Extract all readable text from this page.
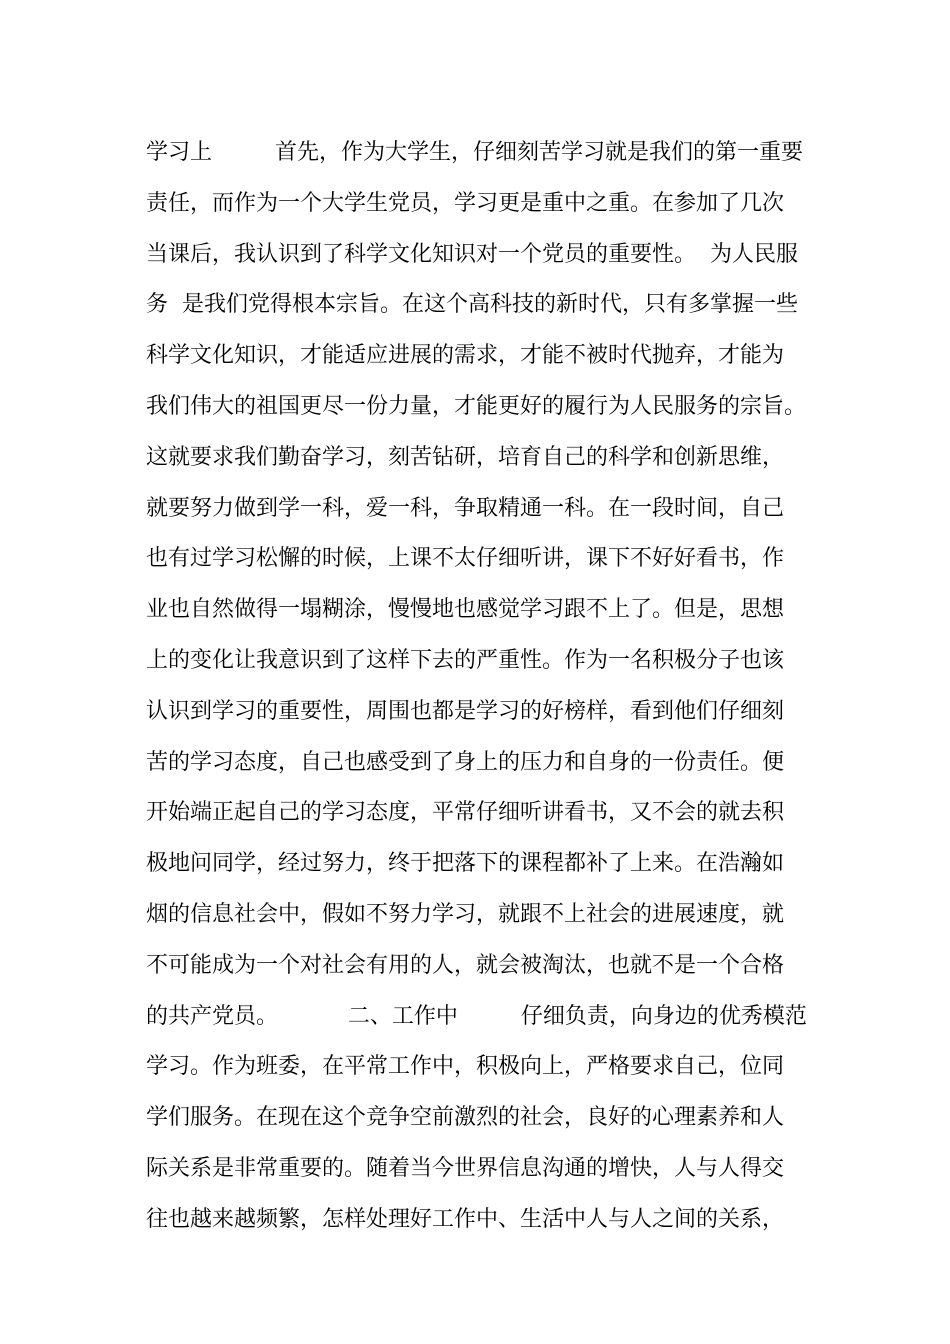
学习上         首先，作为大学生，仔细刻苦学习就是我们的第一重要
责任，而作为一个大学生党员，学习更是重中之重。在参加了几次
当课后，我认识到了科学文化知识对一个党员的重要性。  为人民服
务  是我们党得根本宗旨。在这个高科技的新时代，只有多掌握一些
科学文化知识，才能适应进展的需求，才能不被时代抛弃，才能为
我们伟大的祖国更尽一份力量，才能更好的履行为人民服务的宗旨。
这就要求我们勤奋学习，刻苦钻研，培育自己的科学和创新思维，
就要努力做到学一科，爱一科，争取精通一科。在一段时间，自己
也有过学习松懈的时候，上课不太仔细听讲，课下不好好看书，作
业也自然做得一塌糊涂，慢慢地也感觉学习跟不上了。但是，思想
上的变化让我意识到了这样下去的严重性。作为一名积极分子也该
认识到学习的重要性，周围也都是学习的好榜样，看到他们仔细刻
苦的学习态度，自己也感受到了身上的压力和自身的一份责任。便
开始端正起自己的学习态度，平常仔细听讲看书，又不会的就去积
极地问同学，经过努力，终于把落下的课程都补了上来。在浩瀚如
烟的信息社会中，假如不努力学习，就跟不上社会的进展速度，就
不可能成为一个对社会有用的人，就会被淘汰，也就不是一个合格
的共产党员。          二、工作中         仔细负责，向身边的优秀模范
学习。作为班委，在平常工作中，积极向上，严格要求自己，位同
学们服务。在现在这个竞争空前激烈的社会，良好的心理素养和人
际关系是非常重要的。随着当今世界信息沟通的增快，人与人得交
往也越来越频繁，怎样处理好工作中、生活中人与人之间的关系，
